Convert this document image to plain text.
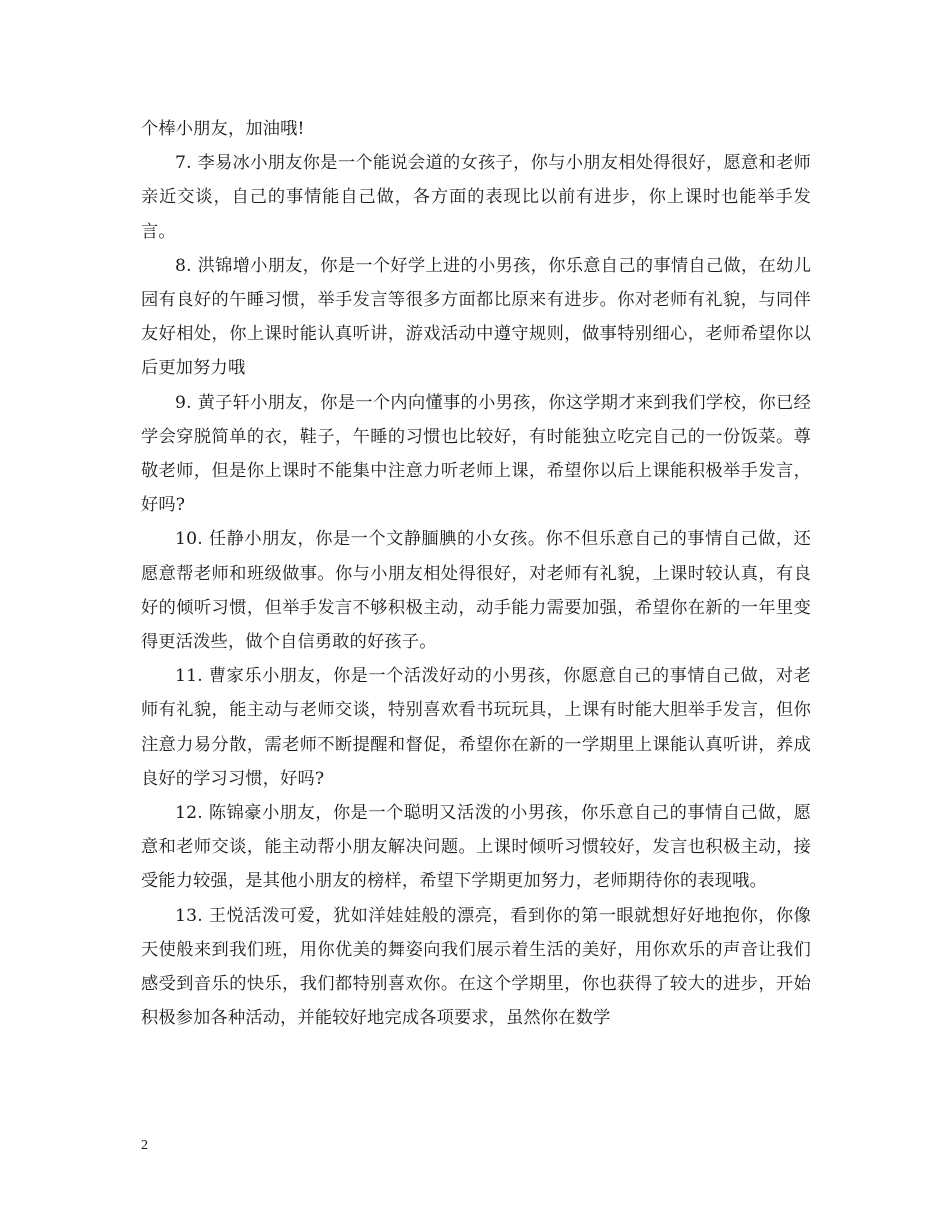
个棒小朋友，加油哦!

7. 李易冰小朋友你是一个能说会道的女孩子，你与小朋友相处得很好，愿意和老师亲近交谈，自己的事情能自己做，各方面的表现比以前有进步，你上课时也能举手发言。

8. 洪锦增小朋友，你是一个好学上进的小男孩，你乐意自己的事情自己做，在幼儿园有良好的午睡习惯，举手发言等很多方面都比原来有进步。你对老师有礼貌，与同伴友好相处，你上课时能认真听讲，游戏活动中遵守规则，做事特别细心，老师希望你以后更加努力哦

9. 黄子轩小朋友，你是一个内向懂事的小男孩，你这学期才来到我们学校，你已经学会穿脱简单的衣，鞋子，午睡的习惯也比较好，有时能独立吃完自己的一份饭菜。尊敬老师，但是你上课时不能集中注意力听老师上课，希望你以后上课能积极举手发言，好吗?

10. 任静小朋友，你是一个文静腼腆的小女孩。你不但乐意自己的事情自己做，还愿意帮老师和班级做事。你与小朋友相处得很好，对老师有礼貌，上课时较认真，有良好的倾听习惯，但举手发言不够积极主动，动手能力需要加强，希望你在新的一年里变得更活泼些，做个自信勇敢的好孩子。

11. 曹家乐小朋友，你是一个活泼好动的小男孩，你愿意自己的事情自己做，对老师有礼貌，能主动与老师交谈，特别喜欢看书玩玩具，上课有时能大胆举手发言，但你注意力易分散，需老师不断提醒和督促，希望你在新的一学期里上课能认真听讲，养成良好的学习习惯，好吗?

12. 陈锦豪小朋友，你是一个聪明又活泼的小男孩，你乐意自己的事情自己做，愿意和老师交谈，能主动帮小朋友解决问题。上课时倾听习惯较好，发言也积极主动，接受能力较强，是其他小朋友的榜样，希望下学期更加努力，老师期待你的表现哦。

13. 王悦活泼可爱，犹如洋娃娃般的漂亮，看到你的第一眼就想好好地抱你，你像天使般来到我们班，用你优美的舞姿向我们展示着生活的美好，用你欢乐的声音让我们感受到音乐的快乐，我们都特别喜欢你。在这个学期里，你也获得了较大的进步，开始积极参加各种活动，并能较好地完成各项要求，虽然你在数学

2
